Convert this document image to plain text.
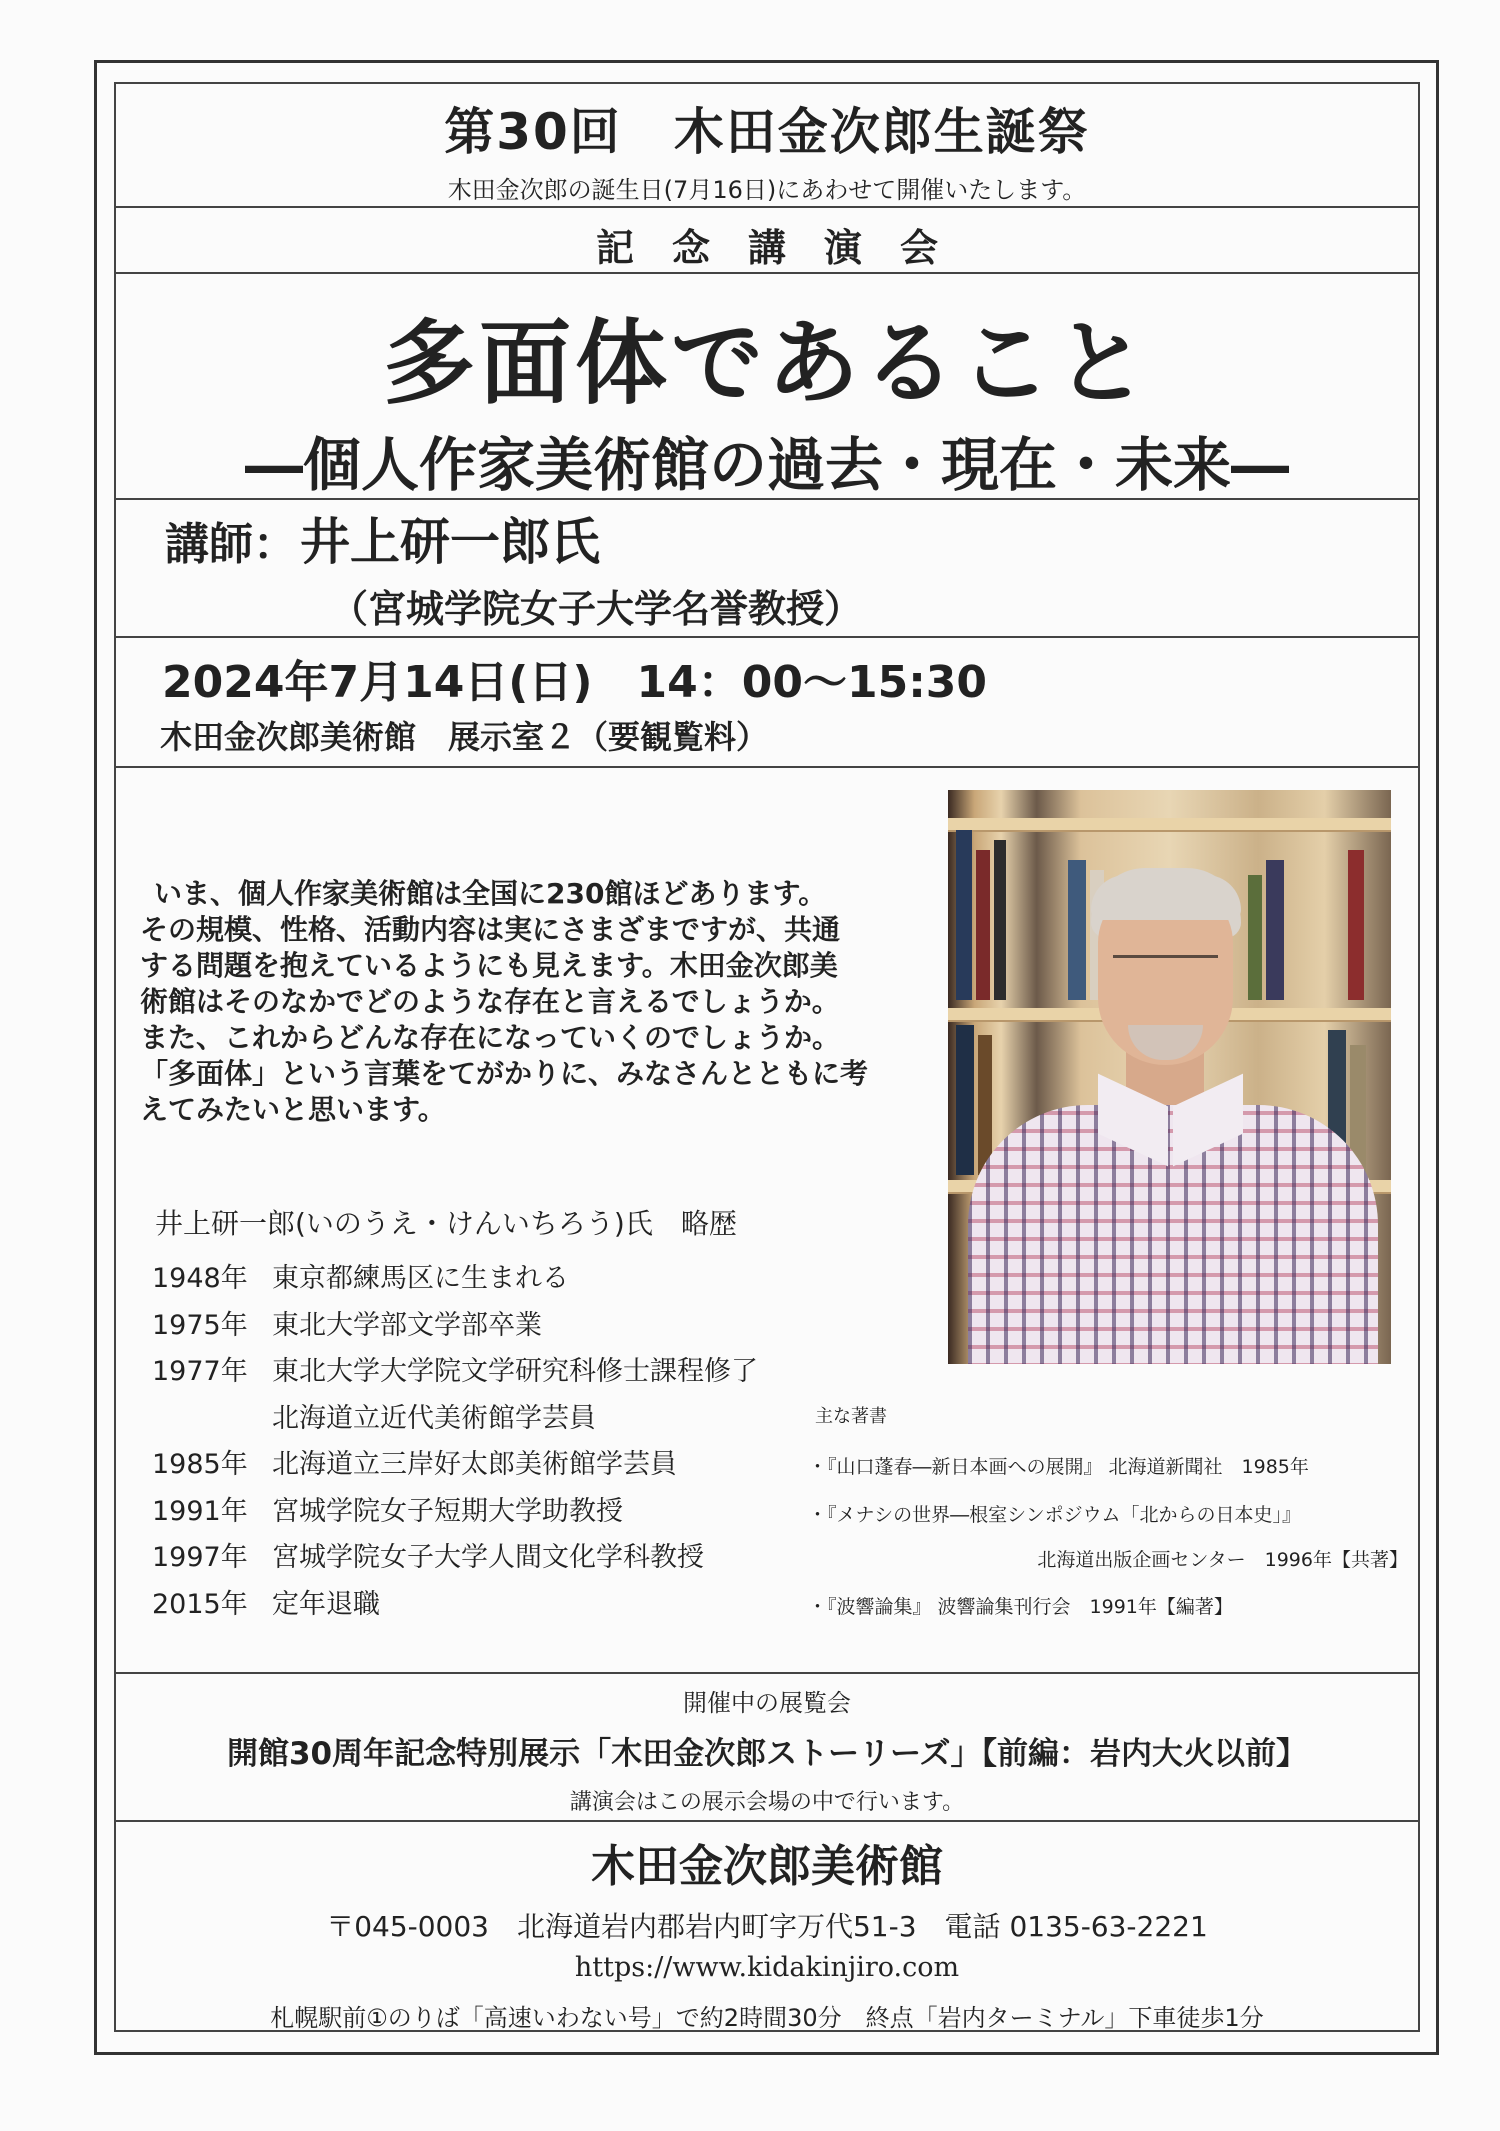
第30回　木田金次郎生誕祭
木田金次郎の誕生日(7月16日)にあわせて開催いたします。
記　念　講　演　会
多面体であること
―個人作家美術館の過去・現在・未来―
講師： 井上研一郎氏
（宮城学院女子大学名誉教授）
2024年7月14日(日)　14：00～15:30
木田金次郎美術館　展示室２（要観覧料）
いま、個人作家美術館は全国に230館ほどあります。
その規模、性格、活動内容は実にさまざまですが、共通
する問題を抱えているようにも見えます。木田金次郎美
術館はそのなかでどのような存在と言えるでしょうか。
また、これからどんな存在になっていくのでしょうか。
「多面体」という言葉をてがかりに、みなさんとともに考
えてみたいと思います。
井上研一郎(いのうえ・けんいちろう)氏　略歴
1948年 東京都練馬区に生まれる
1975年 東北大学部文学部卒業
1977年 東北大学大学院文学研究科修士課程修了
北海道立近代美術館学芸員
1985年 北海道立三岸好太郎美術館学芸員
1991年 宮城学院女子短期大学助教授
1997年 宮城学院女子大学人間文化学科教授
2015年 定年退職
主な著書
・『山口蓬春―新日本画への展開』 北海道新聞社　1985年
・『メナシの世界―根室シンポジウム「北からの日本史」』
北海道出版企画センター　1996年【共著】
・『波響論集』 波響論集刊行会　1991年【編著】
開催中の展覧会
開館30周年記念特別展示「木田金次郎ストーリーズ」【前編：岩内大火以前】
講演会はこの展示会場の中で行います。
木田金次郎美術館
〒045-0003　北海道岩内郡岩内町字万代51-3　電話 0135-63-2221
https://www.kidakinjiro.com
札幌駅前①のりば「高速いわない号」で約2時間30分　終点「岩内ターミナル」下車徒歩1分
